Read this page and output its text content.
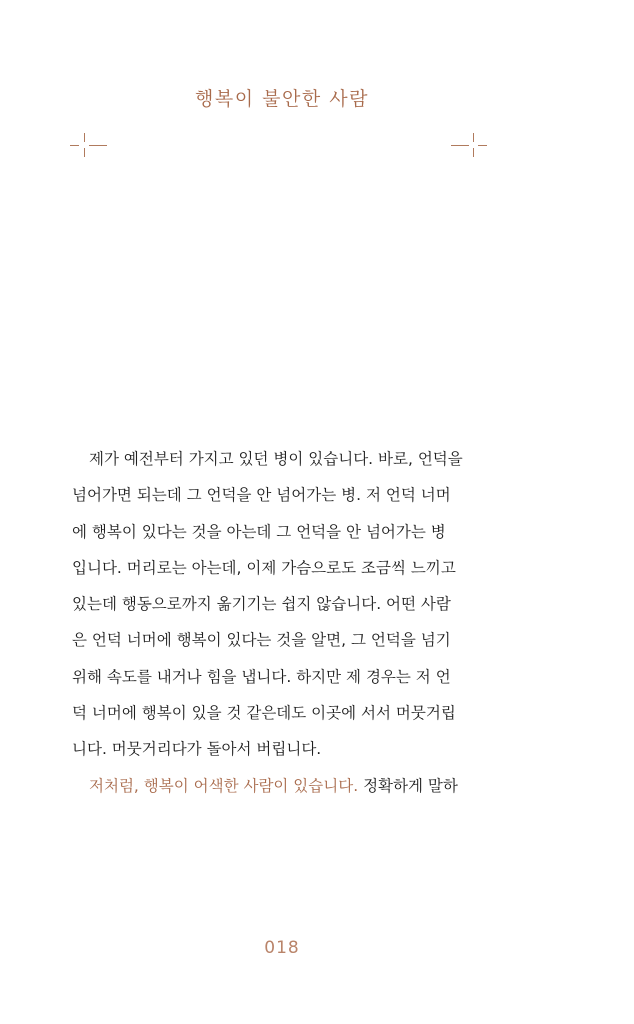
행복이 불안한 사람
제가 예전부터 가지고 있던 병이 있습니다. 바로, 언덕을
넘어가면 되는데 그 언덕을 안 넘어가는 병. 저 언덕 너머
에 행복이 있다는 것을 아는데 그 언덕을 안 넘어가는 병
입니다. 머리로는 아는데, 이제 가슴으로도 조금씩 느끼고
있는데 행동으로까지 옮기기는 쉽지 않습니다. 어떤 사람
은 언덕 너머에 행복이 있다는 것을 알면, 그 언덕을 넘기
위해 속도를 내거나 힘을 냅니다. 하지만 제 경우는 저 언
덕 너머에 행복이 있을 것 같은데도 이곳에 서서 머뭇거립
니다. 머뭇거리다가 돌아서 버립니다.
저처럼, 행복이 어색한 사람이 있습니다. 정확하게 말하
018
